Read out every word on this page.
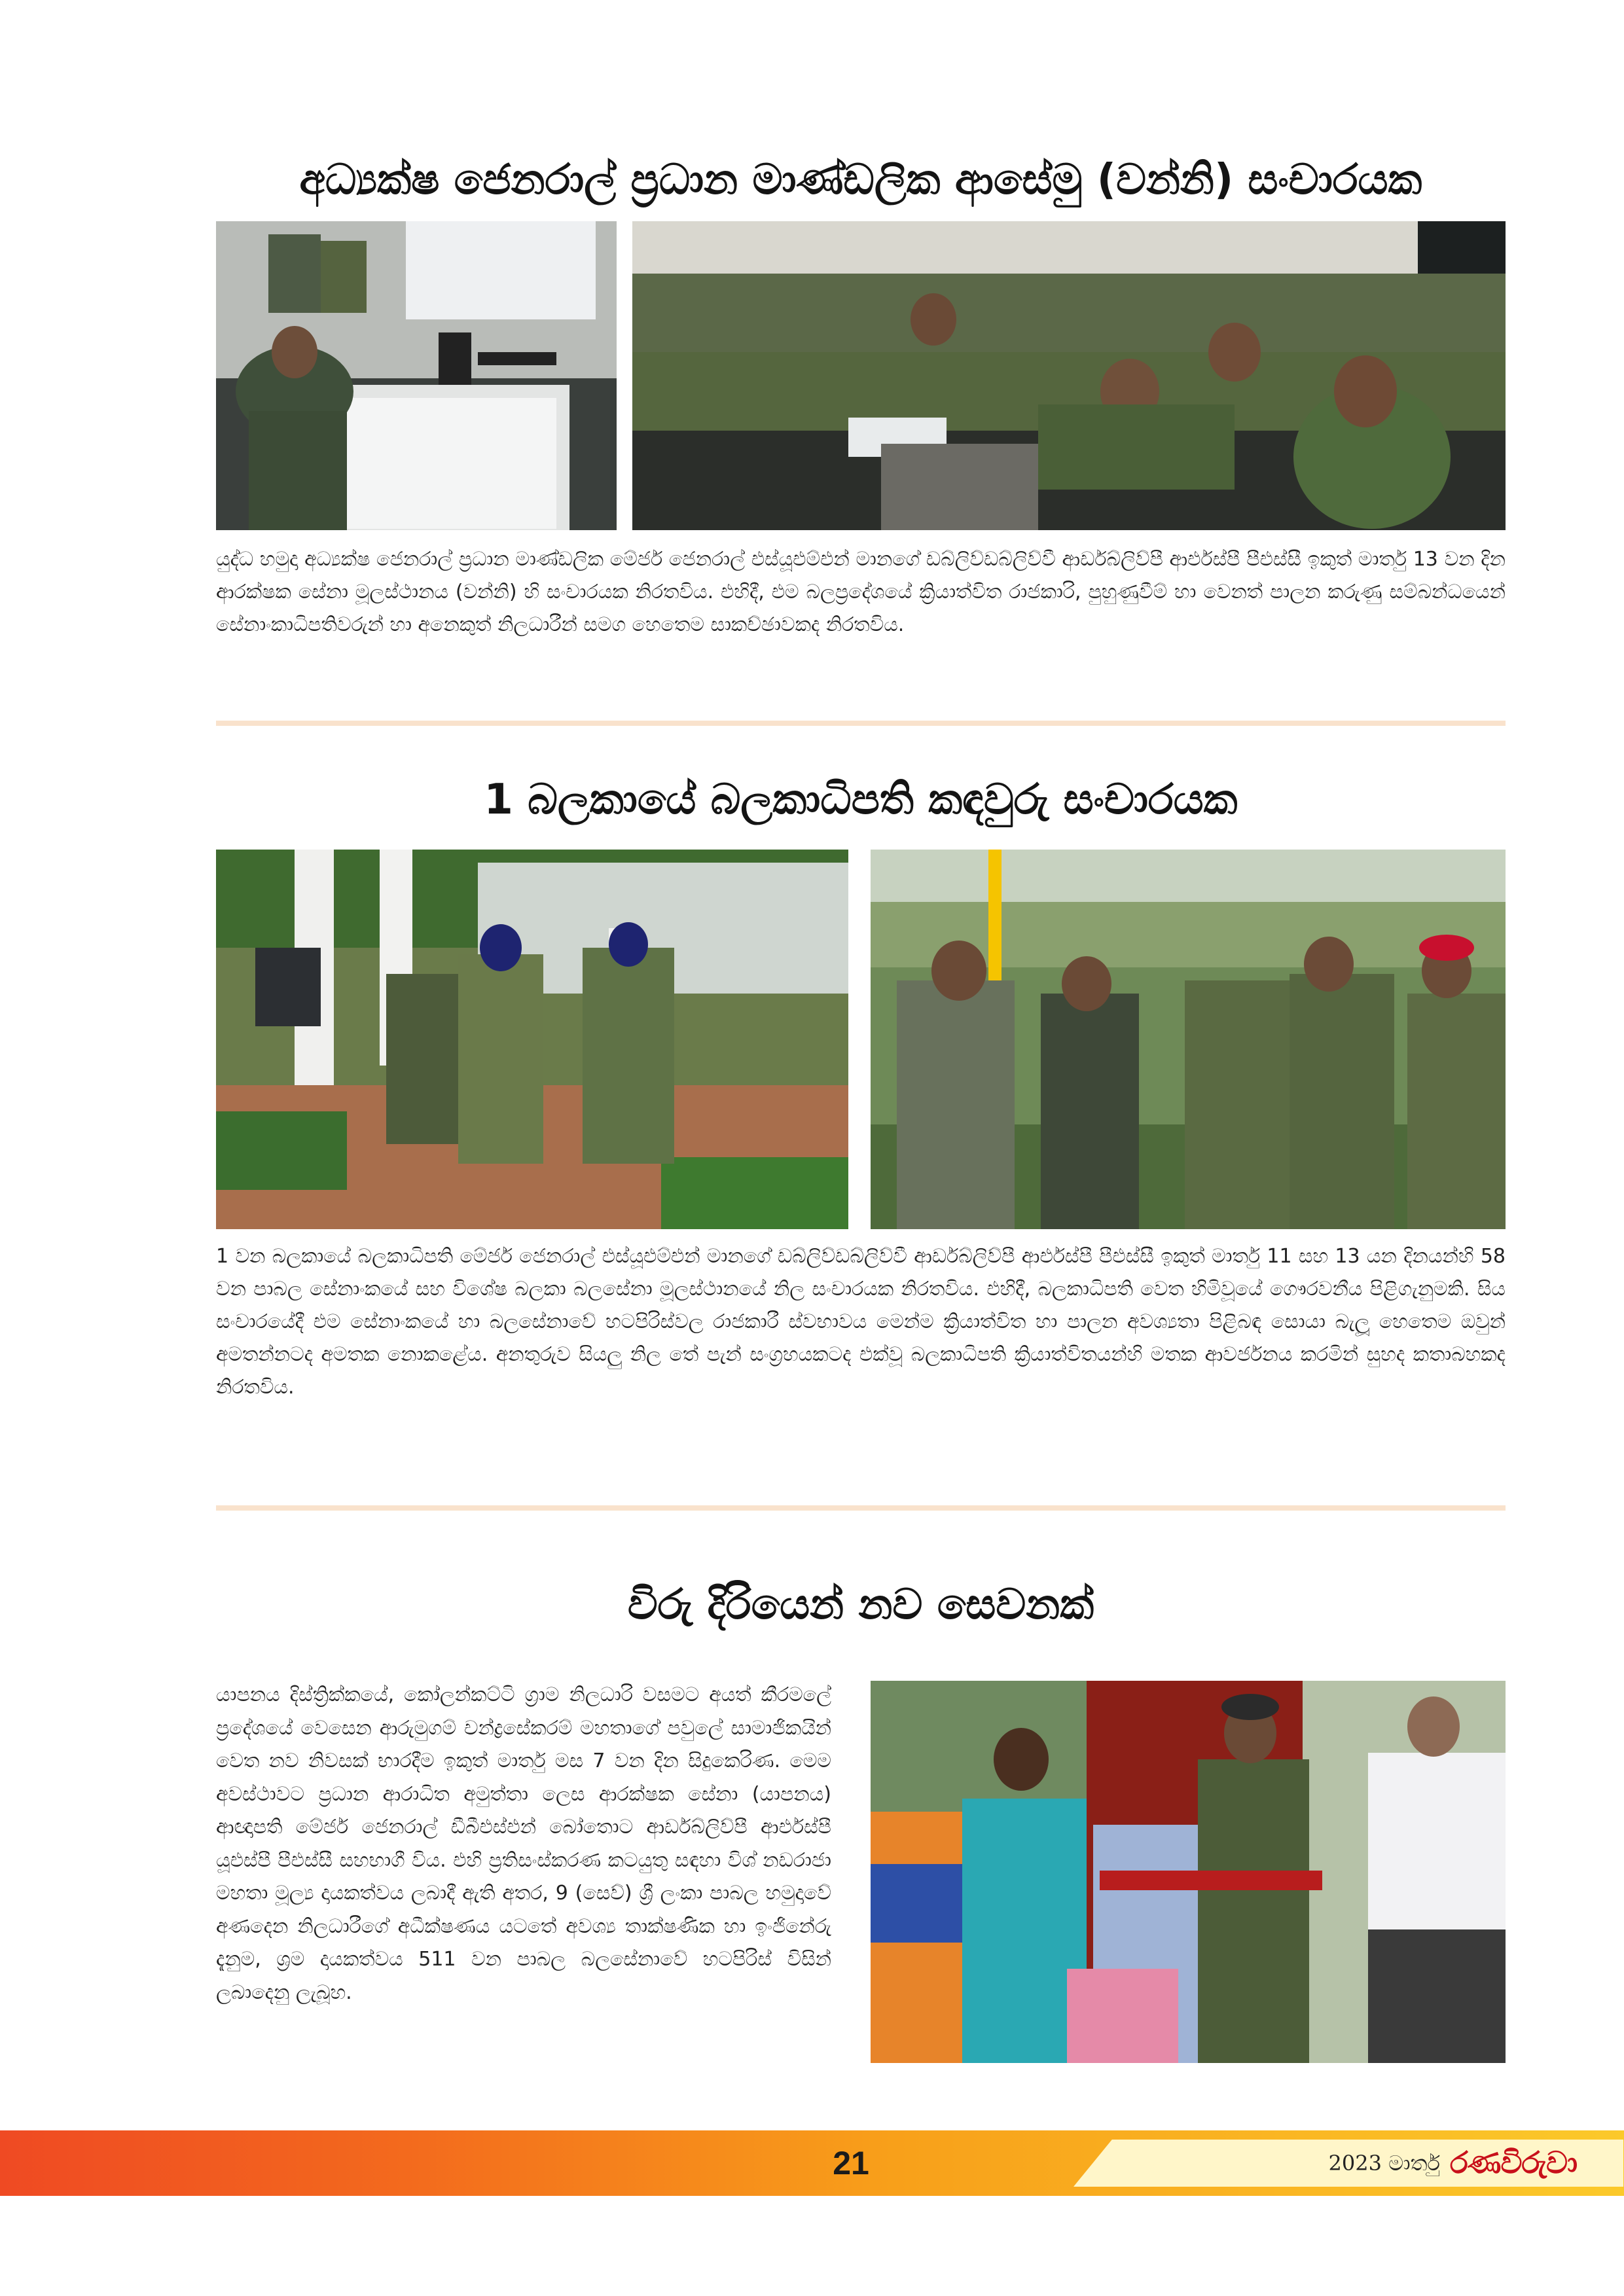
අධ්‍යක්ෂ ජෙනරාල් ප්‍රධාන මාණ්ඩලික ආසේමු (වන්නි) සංචාරයක

යුද්ධ හමුදා අධ්‍යක්ෂ ජෙනරාල් ප්‍රධාන මාණ්ඩලික මේජර් ජෙනරාල් එස්යූඑම්එන් මානගේ ඩබ්ලිව්ඩබ්ලිව්වී ආර්ඩබ්ලිව්පී ආර්එස්පී පීඑස්සී ඉකුත් මාර්තු 13 වන දින ආරක්ෂක සේනා මූලස්ථානය (වන්නි) හි සංචාරයක නිරතවිය. එහිදී, එම බලප්‍රදේශයේ ක්‍රියාත්විත රාජකාරි, පුහුණුවීම් හා වෙනත් පාලන කරුණු සම්බන්ධයෙන් සේනාංකාධිපතිවරුන් හා අනෙකුත් නිලධාරීන් සමග හෙතෙම සාකච්ඡාවකද නිරතවිය.

1 බලකායේ බලකාධිපති කඳවුරු සංචාරයක

1 වන බලකායේ බලකාධිපති මේජර් ජෙනරාල් එස්යූඑම්එන් මානගේ ඩබ්ලිව්ඩබ්ලිව්වී ආර්ඩබ්ලිව්පී ආර්එස්පී පීඑස්සී ඉකුත් මාර්තු 11 සහ 13 යන දිනයන්හි 58 වන පාබල සේනාංකයේ සහ විශේෂ බලකා බලසේනා මූලස්ථානයේ නිල සංචාරයක නිරතවිය. එහිදී, බලකාධිපති වෙත හිමිවූයේ ගෞරවනීය පිළිගැනුමකි. සිය සංචාරයේදී එම සේනාංකයේ හා බලසේනාවේ හටපිරිස්වල රාජකාරී ස්වභාවය මෙන්ම ක්‍රියාත්විත හා පාලන අවශ්‍යතා පිළිබඳ සොයා බැලූ හෙතෙම ඔවුන් අමතන්නටද අමතක නොකළේය. අනතුරුව සියලු නිල තේ පැන් සංග්‍රහයකටද එක්වූ බලකාධිපති ක්‍රියාත්විතයන්හි මතක ආවර්ජනය කරමින් සුහද කතාබහකද නිරතවිය.

විරු දිරියෙන් නව සෙවනක්

යාපනය දිස්ත්‍රික්කයේ, කෝලන්කට්ටි ග්‍රාම නිලධාරි වසමට අයත් කීරමලේ ප්‍රදේශයේ වෙසෙන ආරුමුගම් චන්ද්‍රසේකරම් මහතාගේ පවුලේ සාමාජිකයින් වෙත නව නිවසක් භාරදීම ඉකුත් මාර්තු මස 7 වන දින සිදුකෙරිණ. මෙම අවස්ථාවට ප්‍රධාන ආරාධිත අමුත්තා ලෙස ආරක්ෂක සේනා (යාපනය) ආඥාපති මේජර් ජෙනරාල් ඩීබීඑස්එන් බෝතොට ආර්ඩබ්ලිව්පී ආර්එස්පී යූඑස්පී පීඑස්සී සහභාගී විය. එහි ප්‍රතිසංස්කරණ කටයුතු සඳහා විශ් නඩරාජා මහතා මූල්‍ය දායකත්වය ලබාදී ඇති අතර, 9 (සෙව්) ශ්‍රී ලංකා පාබල හමුදාවේ අණදෙන නිලධාරීගේ අධීක්ෂණය යටතේ අවශ්‍ය තාක්ෂණික හා ඉංජිනේරු දැනුම, ශ්‍රම දායකත්වය 511 වන පාබල බලසේනාවේ හටපිරිස් විසින් ලබාදෙනු ලැබූහ.

21	2023 මාර්තු රණවිරුවා
